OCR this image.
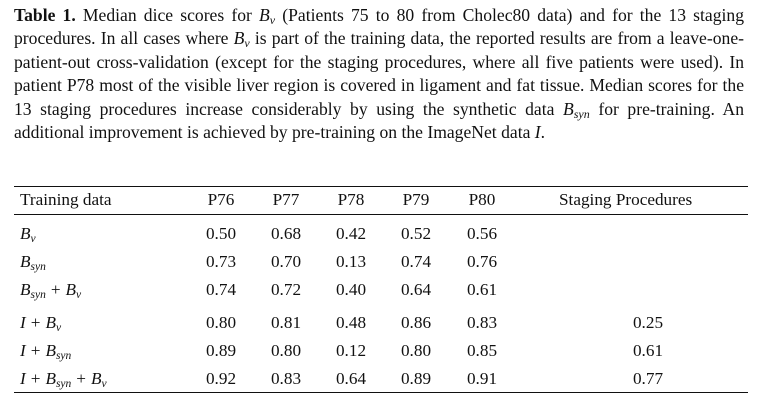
Table 1. Median dice scores for $B_v$ (Patients 75 to 80 from Cholec80 data) and for the 13 staging procedures. In all cases where $B_v$ is part of the training data, the reported results are from a leave-one-patient-out cross-validation (except for the staging procedures, where all five patients were used). In patient P78 most of the visible liver region is covered in ligament and fat tissue. Median scores for the 13 staging procedures increase considerably by using the synthetic data $B_{syn}$ for pre-training. An additional improvement is achieved by pre-training on the ImageNet data I.
Training data	P76	P77	P78	P79	P80	Staging Procedures
$B_v$	0.50	0.68	0.42	0.52	0.56
$B_{syn}$	0.73	0.70	0.13	0.74	0.76
$B_{syn} + B_v$	0.74	0.72	0.40	0.64	0.61
$I + B_v$	0.80	0.81	0.48	0.86	0.83	0.25
$I + B_{syn}$	0.89	0.80	0.12	0.80	0.85	0.61
$I + B_{syn} + B_v$	0.92	0.83	0.64	0.89	0.91	0.77
